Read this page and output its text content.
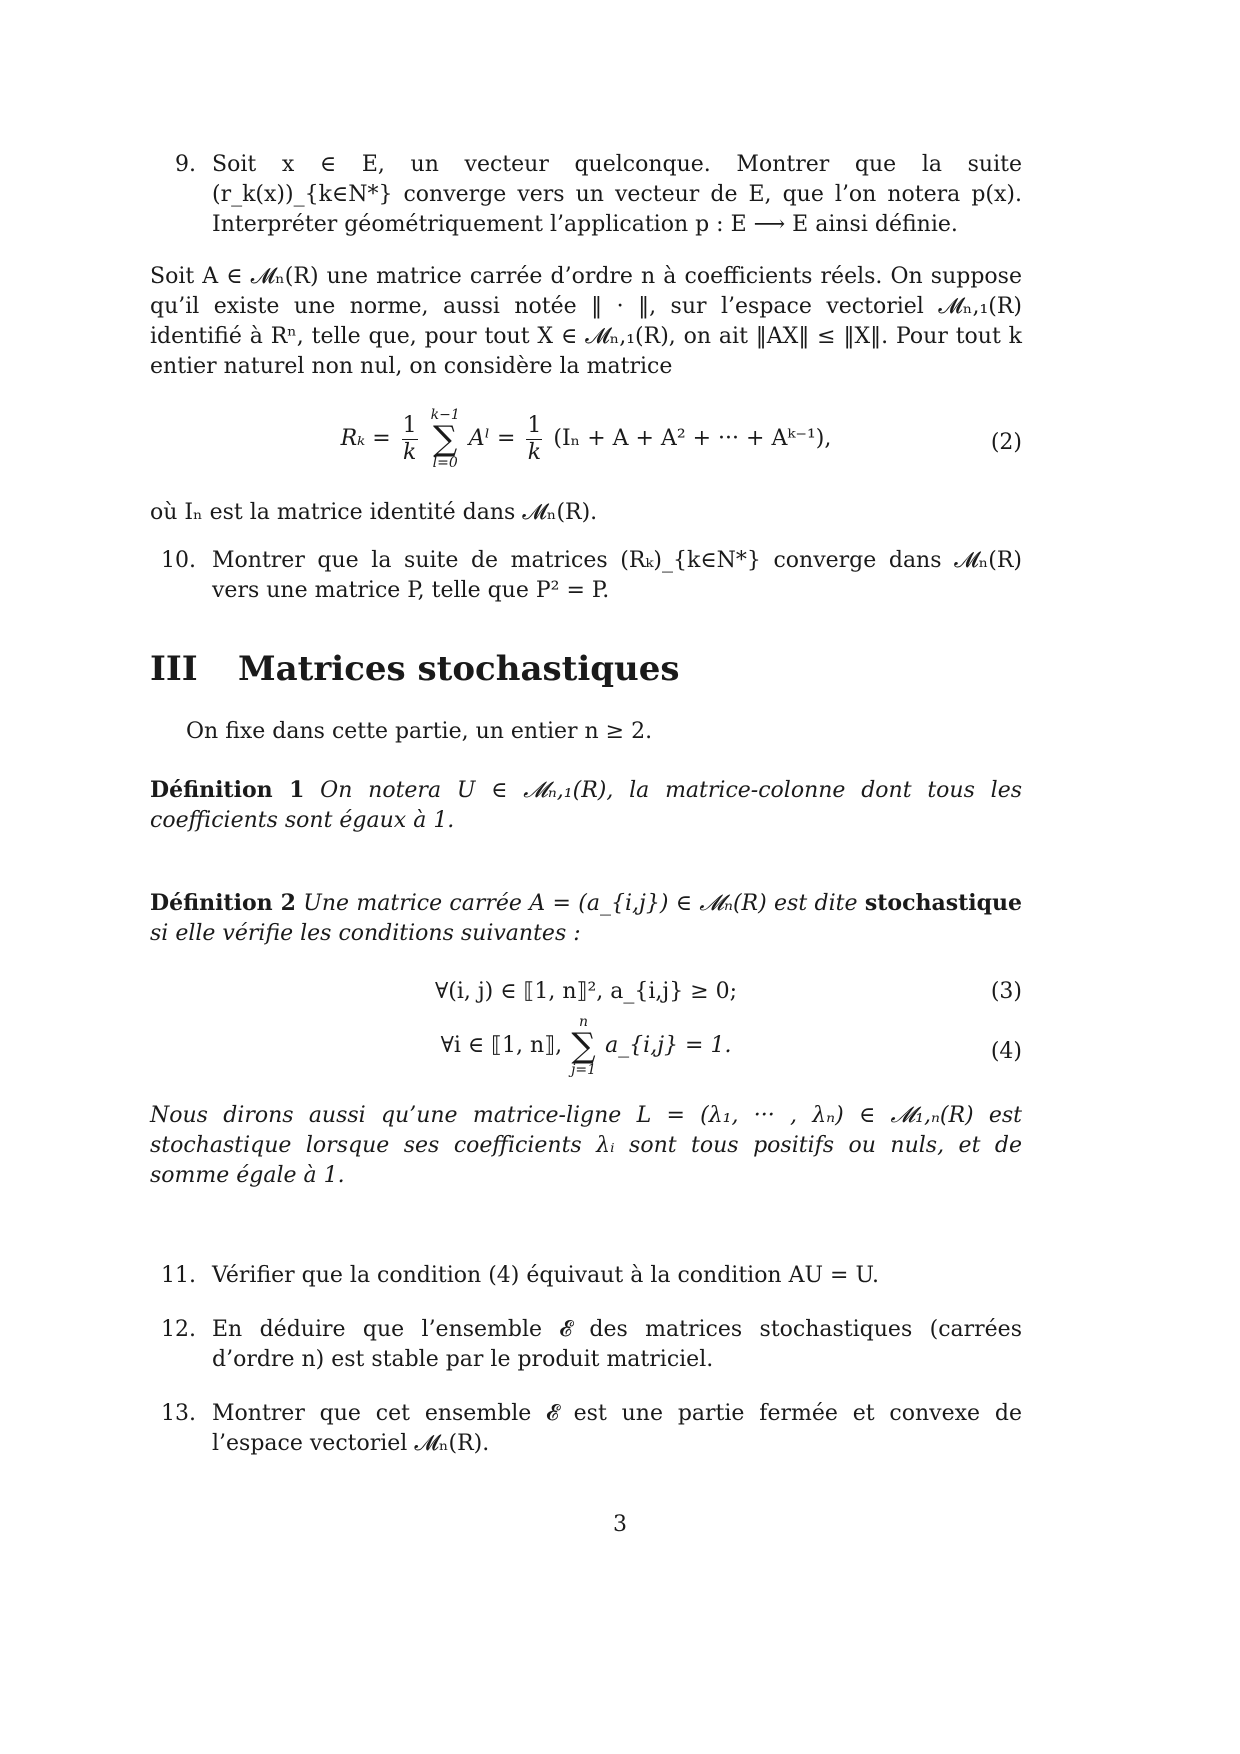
9. Soit x ∈ E, un vecteur quelconque. Montrer que la suite (r_k(x))_{k∈N*} converge vers un vecteur de E, que l’on notera p(x). Interpréter géométriquement l’application p : E ⟶ E ainsi définie.
Soit A ∈ 𝓜ₙ(R) une matrice carrée d’ordre n à coefficients réels. On suppose qu’il existe une norme, aussi notée ‖ · ‖, sur l’espace vectoriel 𝓜ₙ,₁(R) identifié à Rⁿ, telle que, pour tout X ∈ 𝓜ₙ,₁(R), on ait ‖AX‖ ≤ ‖X‖. Pour tout k entier naturel non nul, on considère la matrice
$R_k = \frac{1}{k}$
k−1
∑
l=0
Aˡ = $\frac{1}{k} (I_n + A + A^2$ + ··· + Aᵏ⁻¹),	(2)
où Iₙ est la matrice identité dans 𝓜ₙ(R).
10. Montrer que la suite de matrices (Rₖ)_{k∈N*} converge dans 𝓜ₙ(R) vers une matrice P, telle que P² = P.
III Matrices stochastiques
On fixe dans cette partie, un entier n ≥ 2.
Définition 1 On notera U ∈ 𝓜ₙ,₁(R), la matrice-colonne dont tous les coefficients sont égaux à 1.
Définition 2 Une matrice carrée A = (a_{i,j}) ∈ 𝓜ₙ(R) est dite stochastique si elle vérifie les conditions suivantes :
∀(i, j) ∈ ⟦1, n⟧², a_{i,j} ≥ 0;	(3)
∀i ∈ ⟦1, n⟧,
n
∑
j=1
a_{i,j} = 1.	(4)
Nous dirons aussi qu’une matrice-ligne L = (λ₁, ··· , λₙ) ∈ 𝓜₁,ₙ(R) est stochastique lorsque ses coefficients λᵢ sont tous positifs ou nuls, et de somme égale à 1.
11. Vérifier que la condition (4) équivaut à la condition AU = U.
12. En déduire que l’ensemble 𝓔 des matrices stochastiques (carrées d’ordre n) est stable par le produit matriciel.
13. Montrer que cet ensemble 𝓔 est une partie fermée et convexe de l’espace vectoriel 𝓜ₙ(R).
3
